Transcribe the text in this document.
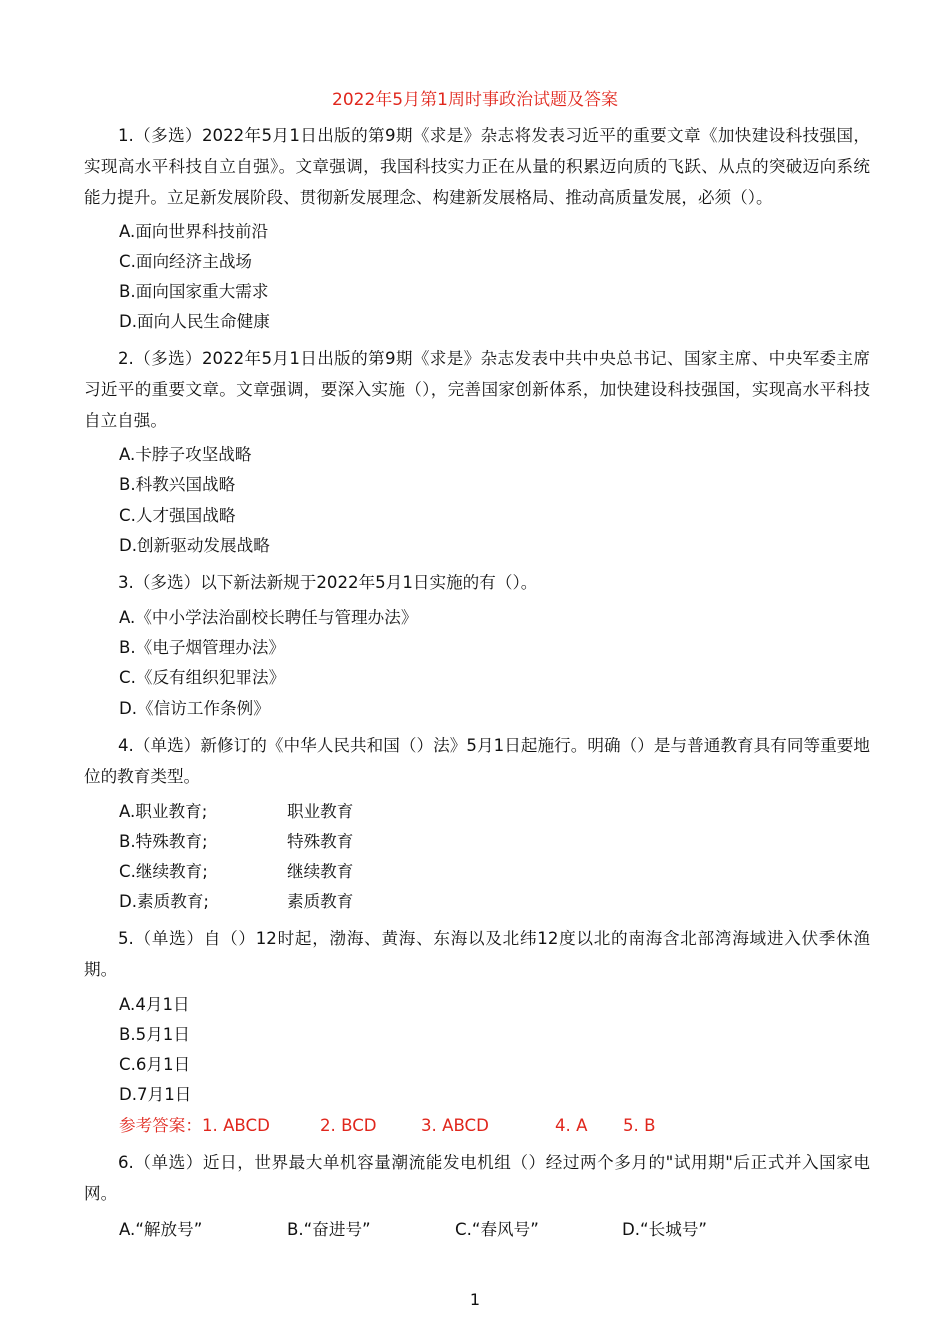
2022年5月第1周时事政治试题及答案
1.（多选）2022年5月1日出版的第9期《求是》杂志将发表习近平的重要文章《加快建设科技强国，实现高水平科技自立自强》。文章强调，我国科技实力正在从量的积累迈向质的飞跃、从点的突破迈向系统能力提升。立足新发展阶段、贯彻新发展理念、构建新发展格局、推动高质量发展，必须（）。
A.面向世界科技前沿
C.面向经济主战场
B.面向国家重大需求
D.面向人民生命健康
2.（多选）2022年5月1日出版的第9期《求是》杂志发表中共中央总书记、国家主席、中央军委主席习近平的重要文章。文章强调，要深入实施（），完善国家创新体系，加快建设科技强国，实现高水平科技自立自强。
A.卡脖子攻坚战略
B.科教兴国战略
C.人才强国战略
D.创新驱动发展战略
3.（多选）以下新法新规于2022年5月1日实施的有（）。
A.《中小学法治副校长聘任与管理办法》
B.《电子烟管理办法》
C.《反有组织犯罪法》
D.《信访工作条例》
4.（单选）新修订的《中华人民共和国（）法》5月1日起施行。明确（）是与普通教育具有同等重要地位的教育类型。
A.职业教育;	职业教育
B.特殊教育;	特殊教育
C.继续教育;	继续教育
D.素质教育;	素质教育
5.（单选）自（）12时起，渤海、黄海、东海以及北纬12度以北的南海含北部湾海域进入伏季休渔期。
A.4月1日
B.5月1日
C.6月1日
D.7月1日
参考答案：1. ABCD	2. BCD	3. ABCD	4. A 5. B
6.（单选）近日，世界最大单机容量潮流能发电机组（）经过两个多月的"试用期"后正式并入国家电网。
A.“解放号”	B.“奋进号”	C.“春风号”	D.“长城号”
1
